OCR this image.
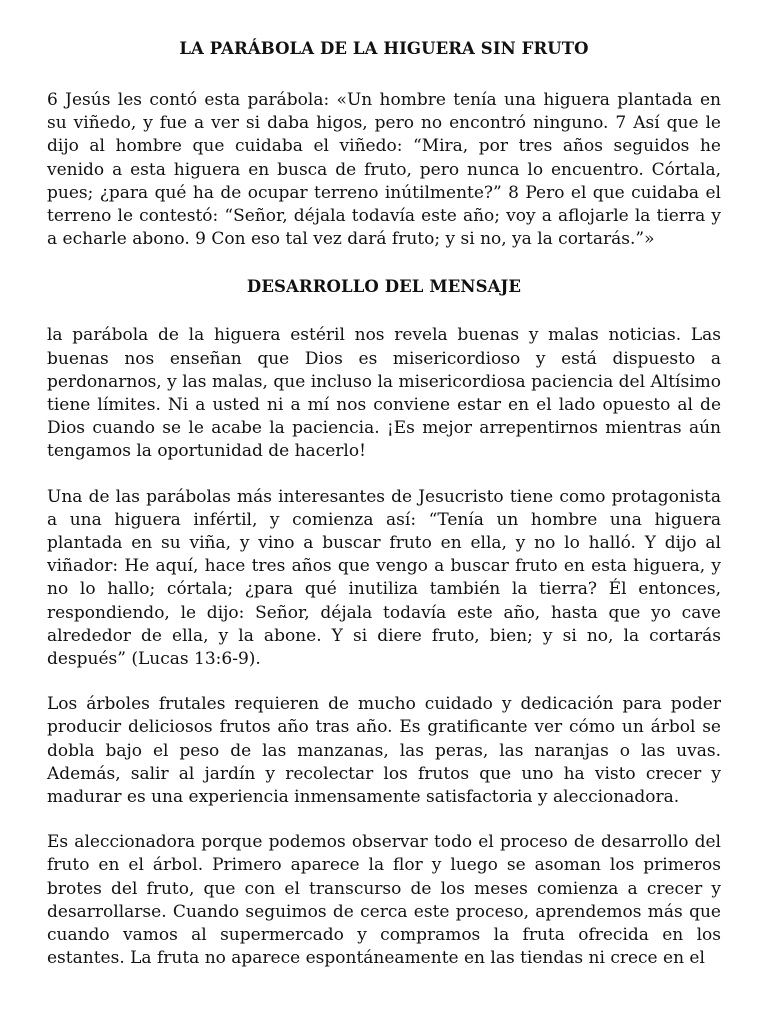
LA PARÁBOLA DE LA HIGUERA SIN FRUTO

6 Jesús les contó esta parábola: «Un hombre tenía una higuera plantada en su viñedo, y fue a ver si daba higos, pero no encontró ninguno. 7 Así que le dijo al hombre que cuidaba el viñedo: “Mira, por tres años seguidos he venido a esta higuera en busca de fruto, pero nunca lo encuentro. Córtala, pues; ¿para qué ha de ocupar terreno inútilmente?” 8 Pero el que cuidaba el terreno le contestó: “Señor, déjala todavía este año; voy a aflojarle la tierra y a echarle abono. 9 Con eso tal vez dará fruto; y si no, ya la cortarás.”»

DESARROLLO DEL MENSAJE

la parábola de la higuera estéril nos revela buenas y malas noticias. Las buenas nos enseñan que Dios es misericordioso y está dispuesto a perdonarnos, y las malas, que incluso la misericordiosa paciencia del Altísimo tiene límites. Ni a usted ni a mí nos conviene estar en el lado opuesto al de Dios cuando se le acabe la paciencia. ¡Es mejor arrepentirnos mientras aún tengamos la oportunidad de hacerlo!

Una de las parábolas más interesantes de Jesucristo tiene como protagonista a una higuera infértil, y comienza así: “Tenía un hombre una higuera plantada en su viña, y vino a buscar fruto en ella, y no lo halló. Y dijo al viñador: He aquí, hace tres años que vengo a buscar fruto en esta higuera, y no lo hallo; córtala; ¿para qué inutiliza también la tierra? Él entonces, respondiendo, le dijo: Señor, déjala todavía este año, hasta que yo cave alrededor de ella, y la abone. Y si diere fruto, bien; y si no, la cortarás después” (Lucas 13:6-9).

Los árboles frutales requieren de mucho cuidado y dedicación para poder producir deliciosos frutos año tras año. Es gratificante ver cómo un árbol se dobla bajo el peso de las manzanas, las peras, las naranjas o las uvas. Además, salir al jardín y recolectar los frutos que uno ha visto crecer y madurar es una experiencia inmensamente satisfactoria y aleccionadora.

Es aleccionadora porque podemos observar todo el proceso de desarrollo del fruto en el árbol. Primero aparece la flor y luego se asoman los primeros brotes del fruto, que con el transcurso de los meses comienza a crecer y desarrollarse. Cuando seguimos de cerca este proceso, aprendemos más que cuando vamos al supermercado y compramos la fruta ofrecida en los estantes. La fruta no aparece espontáneamente en las tiendas ni crece en el
